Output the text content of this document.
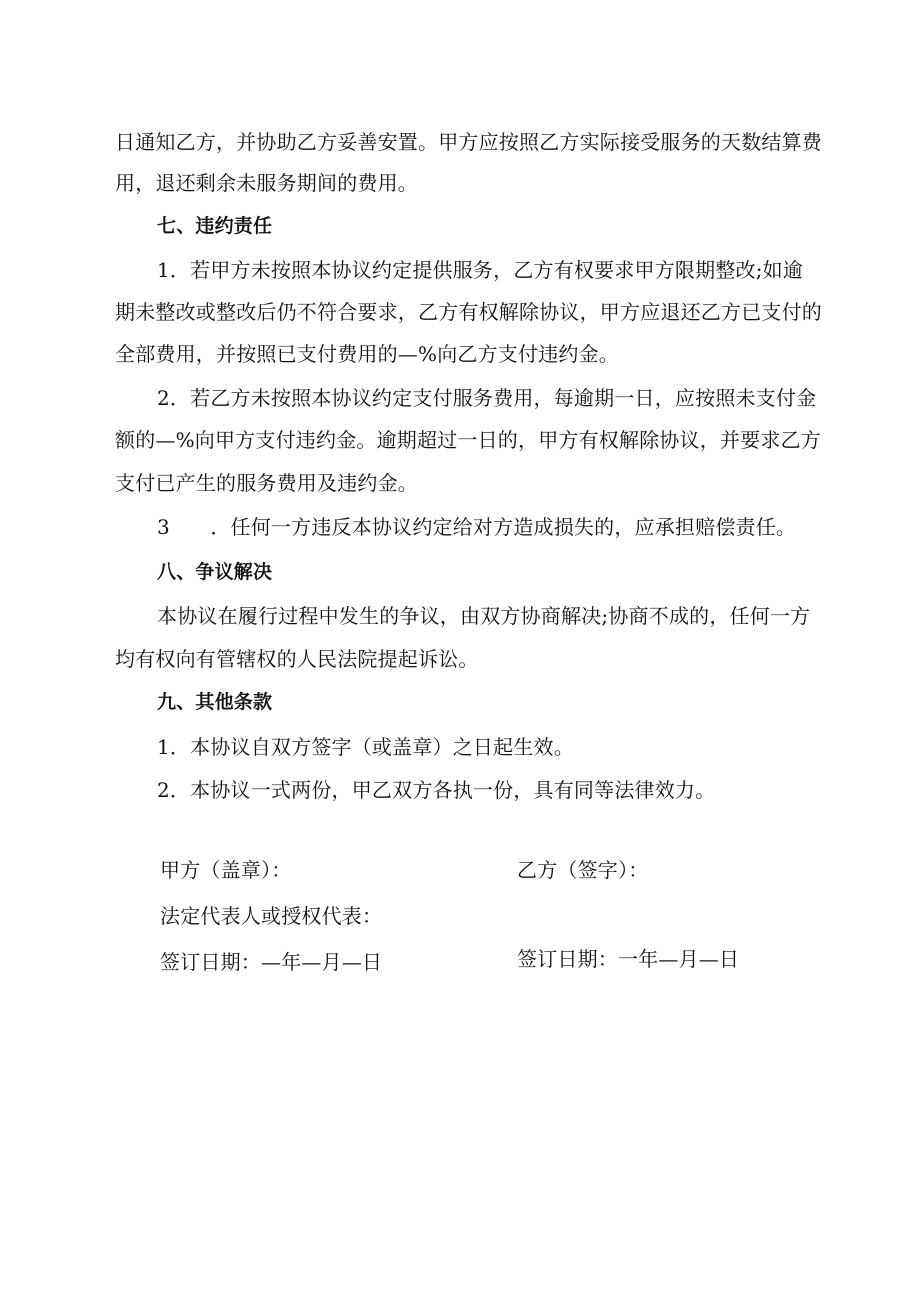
日通知乙方，并协助乙方妥善安置。甲方应按照乙方实际接受服务的天数结算费
用，退还剩余未服务期间的费用。
七、违约责任
1．若甲方未按照本协议约定提供服务，乙方有权要求甲方限期整改;如逾
期未整改或整改后仍不符合要求，乙方有权解除协议，甲方应退还乙方已支付的
全部费用，并按照已支付费用的—%向乙方支付违约金。
2．若乙方未按照本协议约定支付服务费用，每逾期一日，应按照未支付金
额的—%向甲方支付违约金。逾期超过一日的，甲方有权解除协议，并要求乙方
支付已产生的服务费用及违约金。
3　　．任何一方违反本协议约定给对方造成损失的，应承担赔偿责任。
八、争议解决
本协议在履行过程中发生的争议，由双方协商解决;协商不成的，任何一方
均有权向有管辖权的人民法院提起诉讼。
九、其他条款
1．本协议自双方签字（或盖章）之日起生效。
2．本协议一式两份，甲乙双方各执一份，具有同等法律效力。
甲方（盖章）：
法定代表人或授权代表：
签订日期：—年—月—日
乙方（签字）：
签订日期：一年—月—日
